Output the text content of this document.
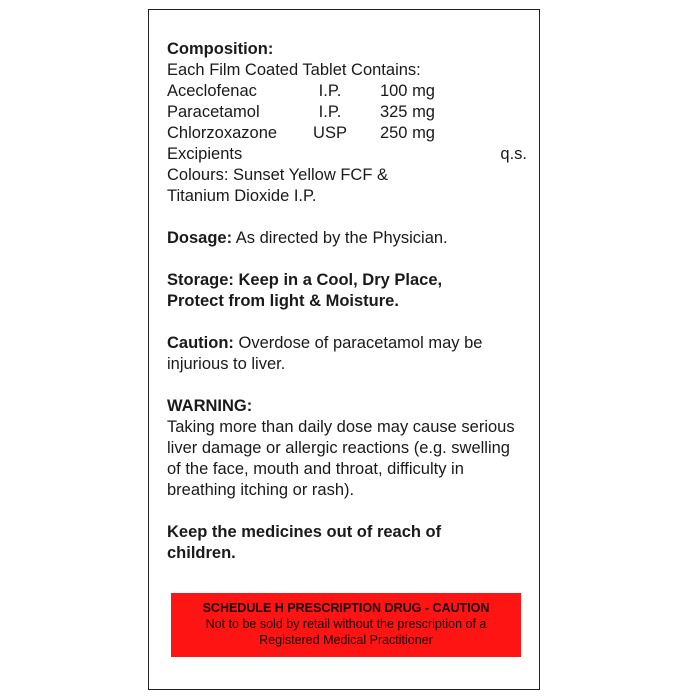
Composition:
Each Film Coated Tablet Contains:
Aceclofenac	I.P.	100 mg
Paracetamol	I.P.	325 mg
Chlorzoxazone	USP	250 mg
Excipients	q.s.
Colours: Sunset Yellow FCF &
Titanium Dioxide I.P.
Dosage: As directed by the Physician.
Storage: Keep in a Cool, Dry Place,
Protect from light & Moisture.
Caution: Overdose of paracetamol may be
injurious to liver.
WARNING:
Taking more than daily dose may cause serious
liver damage or allergic reactions (e.g. swelling
of the face, mouth and throat, difficulty in
breathing itching or rash).
Keep the medicines out of reach of
children.
SCHEDULE H PRESCRIPTION DRUG - CAUTION
Not to be sold by retail without the prescription of a
Registered Medical Practitioner
